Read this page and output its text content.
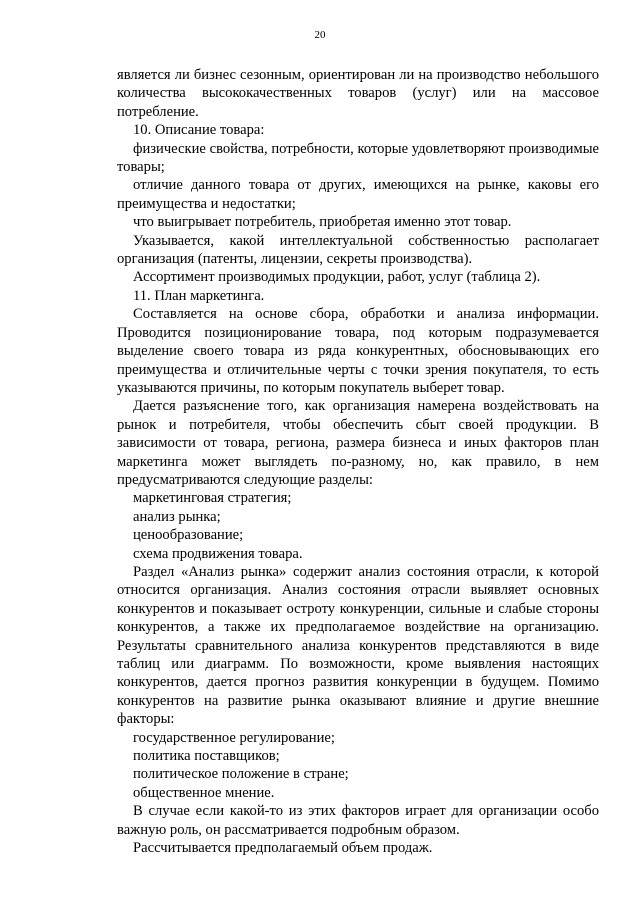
20

является ли бизнес сезонным, ориентирован ли на производство небольшого количества высококачественных товаров (услуг) или на массовое потребление.

10. Описание товара:

физические свойства, потребности, которые удовлетворяют производимые товары;

отличие данного товара от других, имеющихся на рынке, каковы его преимущества и недостатки;

что выигрывает потребитель, приобретая именно этот товар.

Указывается, какой интеллектуальной собственностью располагает организация (патенты, лицензии, секреты производства).

Ассортимент производимых продукции, работ, услуг (таблица 2).

11. План маркетинга.

Составляется на основе сбора, обработки и анализа информации. Проводится позиционирование товара, под которым подразумевается выделение своего товара из ряда конкурентных, обосновывающих его преимущества и отличительные черты с точки зрения покупателя, то есть указываются причины, по которым покупатель выберет товар.

Дается разъяснение того, как организация намерена воздействовать на рынок и потребителя, чтобы обеспечить сбыт своей продукции. В зависимости от товара, региона, размера бизнеса и иных факторов план маркетинга может выглядеть по-разному, но, как правило, в нем предусматриваются следующие разделы:

маркетинговая стратегия;

анализ рынка;

ценообразование;

схема продвижения товара.

Раздел «Анализ рынка» содержит анализ состояния отрасли, к которой относится организация. Анализ состояния отрасли выявляет основных конкурентов и показывает остроту конкуренции, сильные и слабые стороны конкурентов, а также их предполагаемое воздействие на организацию. Результаты сравнительного анализа конкурентов представляются в виде таблиц или диаграмм. По возможности, кроме выявления настоящих конкурентов, дается прогноз развития конкуренции в будущем. Помимо конкурентов на развитие рынка оказывают влияние и другие внешние факторы:

государственное регулирование;

политика поставщиков;

политическое положение в стране;

общественное мнение.

В случае если какой-то из этих факторов играет для организации особо важную роль, он рассматривается подробным образом.

Рассчитывается предполагаемый объем продаж.
